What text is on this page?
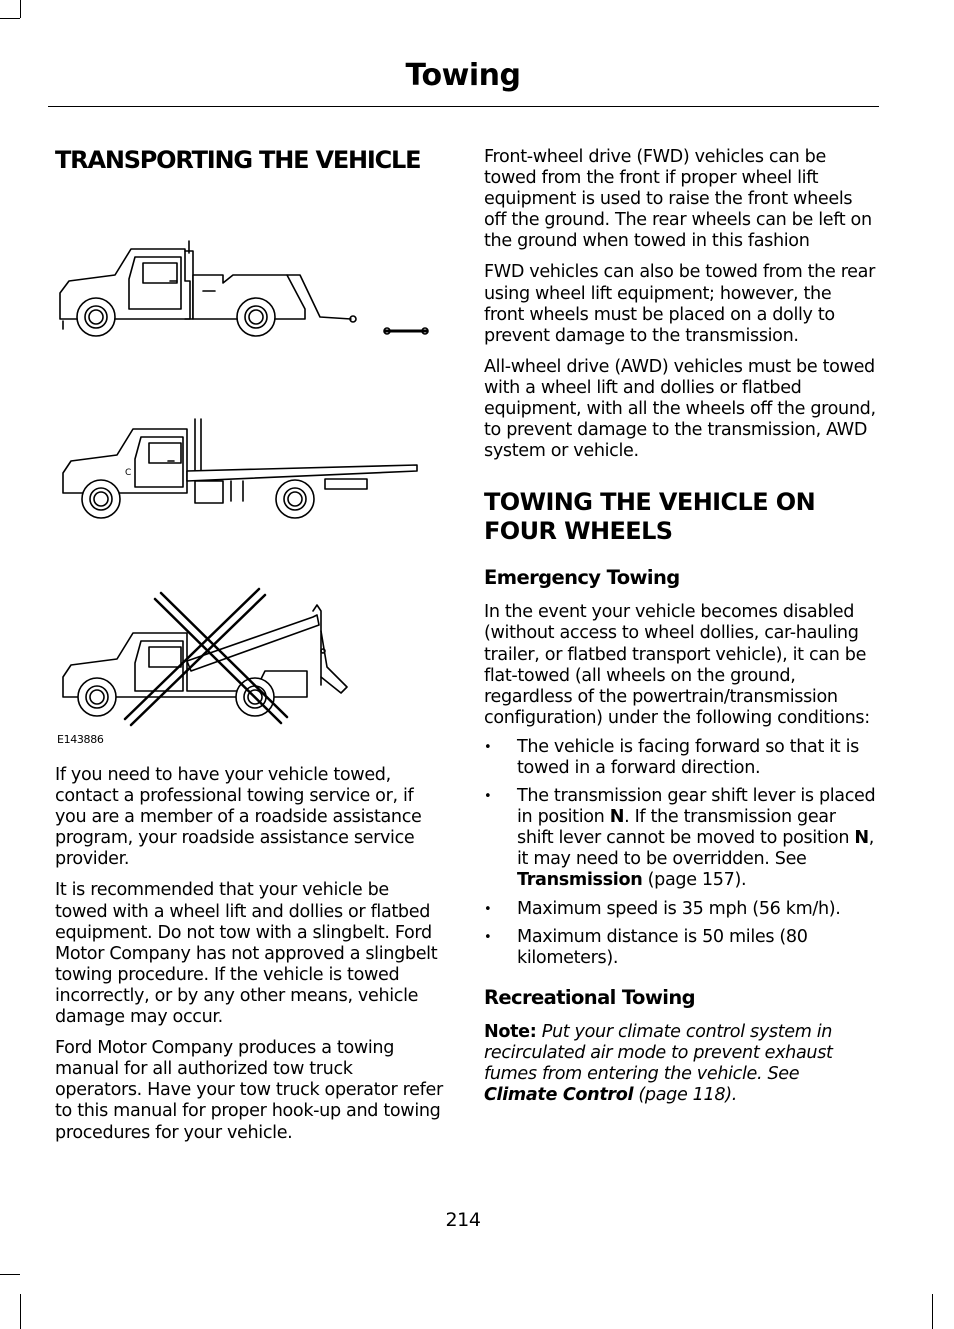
Towing
TRANSPORTING THE VEHICLE
C
E143886

If you need to have your vehicle towed, contact a professional towing service or, if you are a member of a roadside assistance program, your roadside assistance service provider.

It is recommended that your vehicle be towed with a wheel lift and dollies or flatbed equipment. Do not tow with a slingbelt. Ford Motor Company has not approved a slingbelt towing procedure. If the vehicle is towed incorrectly, or by any other means, vehicle damage may occur.

Ford Motor Company produces a towing manual for all authorized tow truck operators. Have your tow truck operator refer to this manual for proper hook-up and towing procedures for your vehicle.

Front-wheel drive (FWD) vehicles can be towed from the front if proper wheel lift equipment is used to raise the front wheels off the ground. The rear wheels can be left on the ground when towed in this fashion

FWD vehicles can also be towed from the rear using wheel lift equipment; however, the front wheels must be placed on a dolly to prevent damage to the transmission.

All-wheel drive (AWD) vehicles must be towed with a wheel lift and dollies or flatbed equipment, with all the wheels off the ground, to prevent damage to the transmission, AWD system or vehicle.

TOWING THE VEHICLE ON FOUR WHEELS
Emergency Towing

In the event your vehicle becomes disabled (without access to wheel dollies, car-hauling trailer, or flatbed transport vehicle), it can be flat-towed (all wheels on the ground, regardless of the powertrain/transmission configuration) under the following conditions:

• The vehicle is facing forward so that it is towed in a forward direction.
• The transmission gear shift lever is placed in position N. If the transmission gear shift lever cannot be moved to position N, it may need to be overridden. See Transmission (page 157).
• Maximum speed is 35 mph (56 km/h).
• Maximum distance is 50 miles (80 kilometers).
Recreational Towing

Note: Put your climate control system in recirculated air mode to prevent exhaust fumes from entering the vehicle. See Climate Control (page 118).

214
